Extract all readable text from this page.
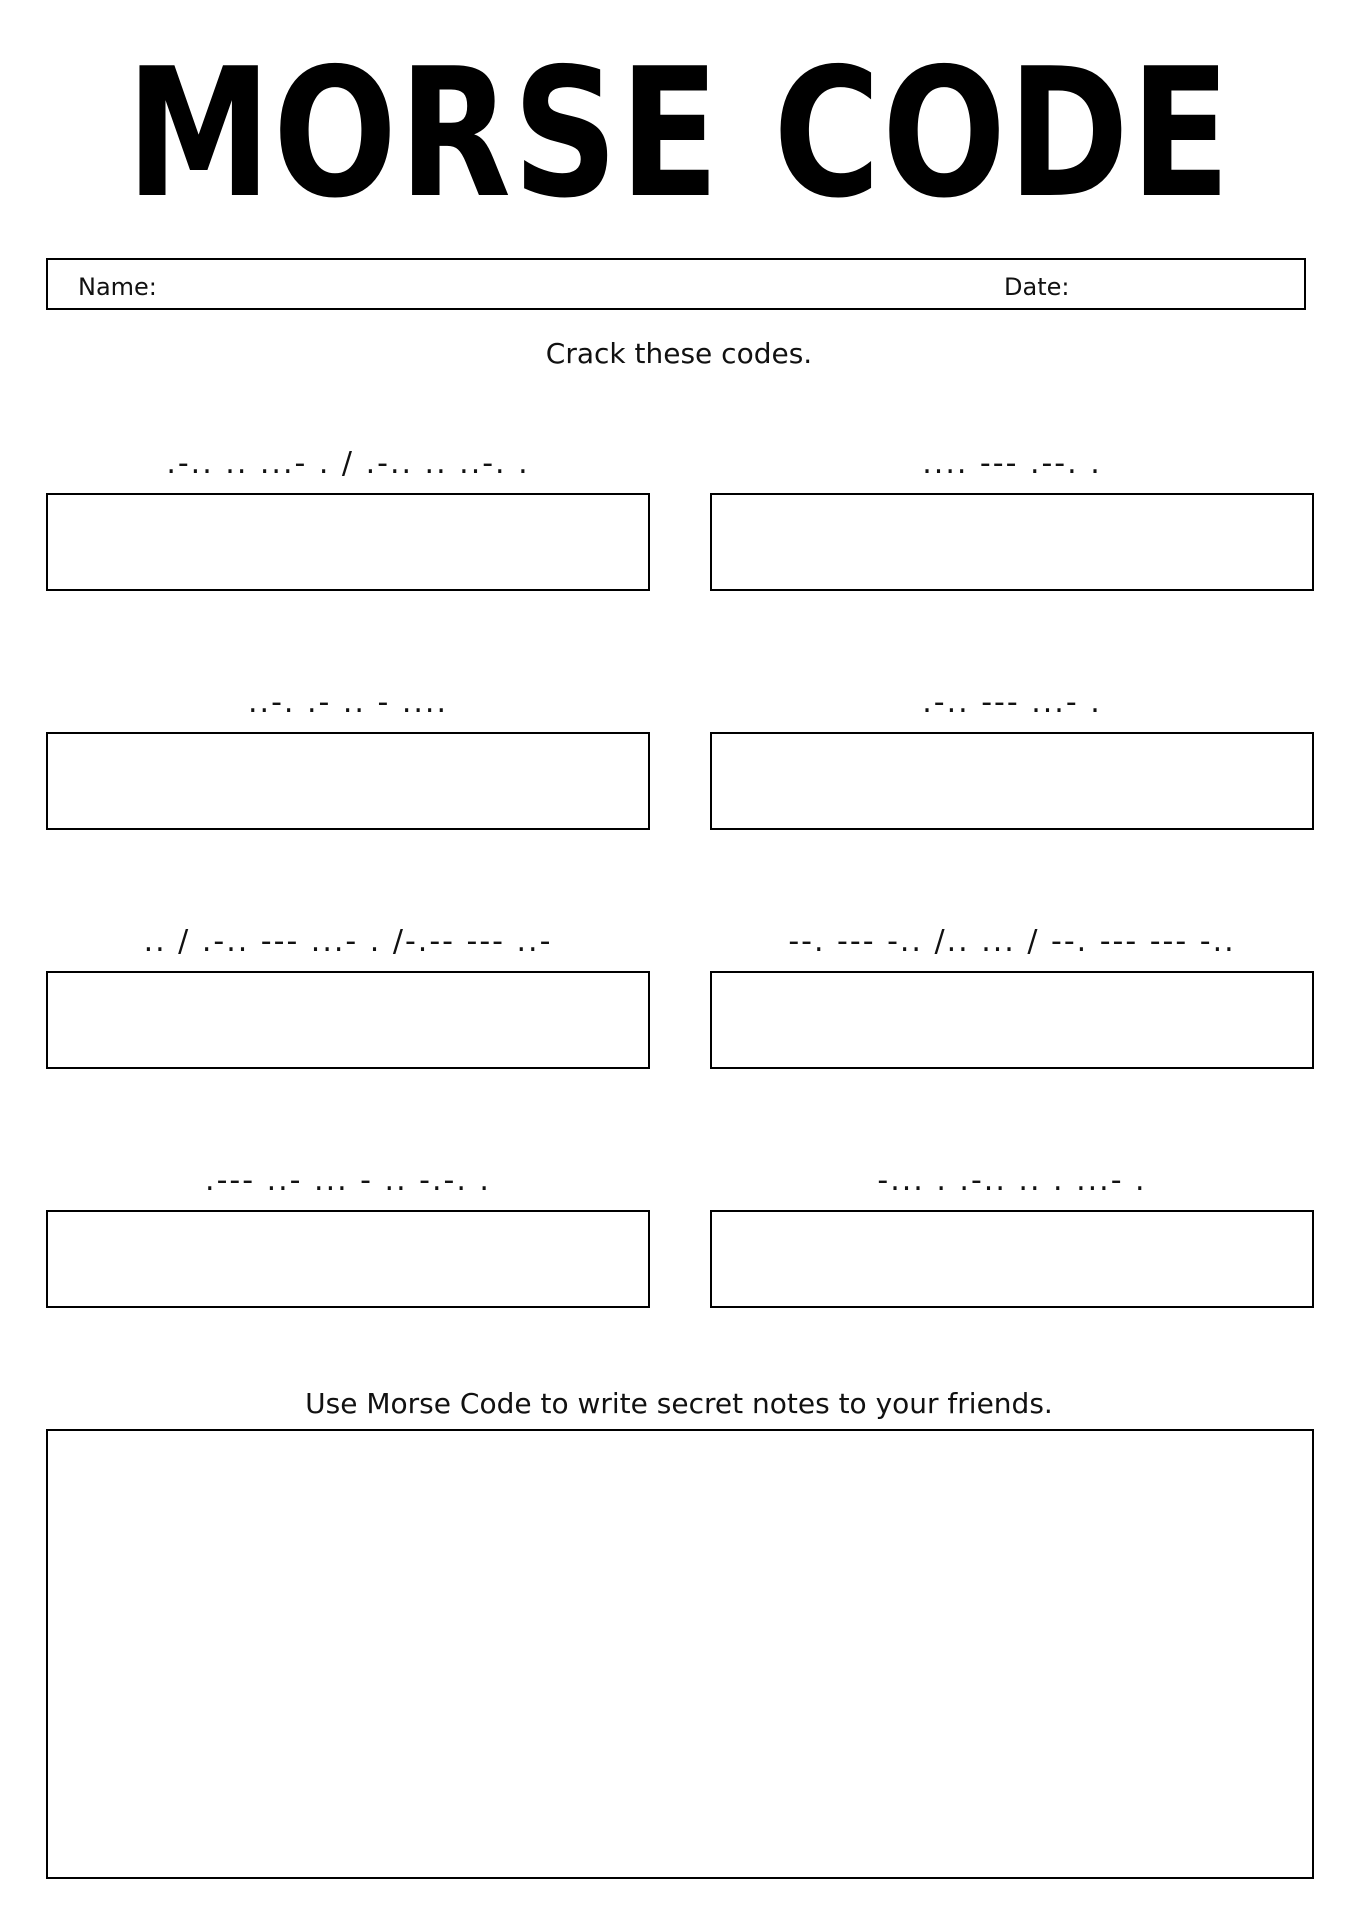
MORSE CODE
Name:	Date:
Crack these codes.
.-.. .. ...- . / .-.. .. ..-. .	.... --- .--. .
..-. .- .. - ....	.-.. --- ...- .
.. / .-.. --- ...- . /-.-- --- ..-	--. --- -.. /.. ... / --. --- --- -..
.--- ..- ... - .. -.-. .	-... . .-.. .. . ...- .
Use Morse Code to write secret notes to your friends.
